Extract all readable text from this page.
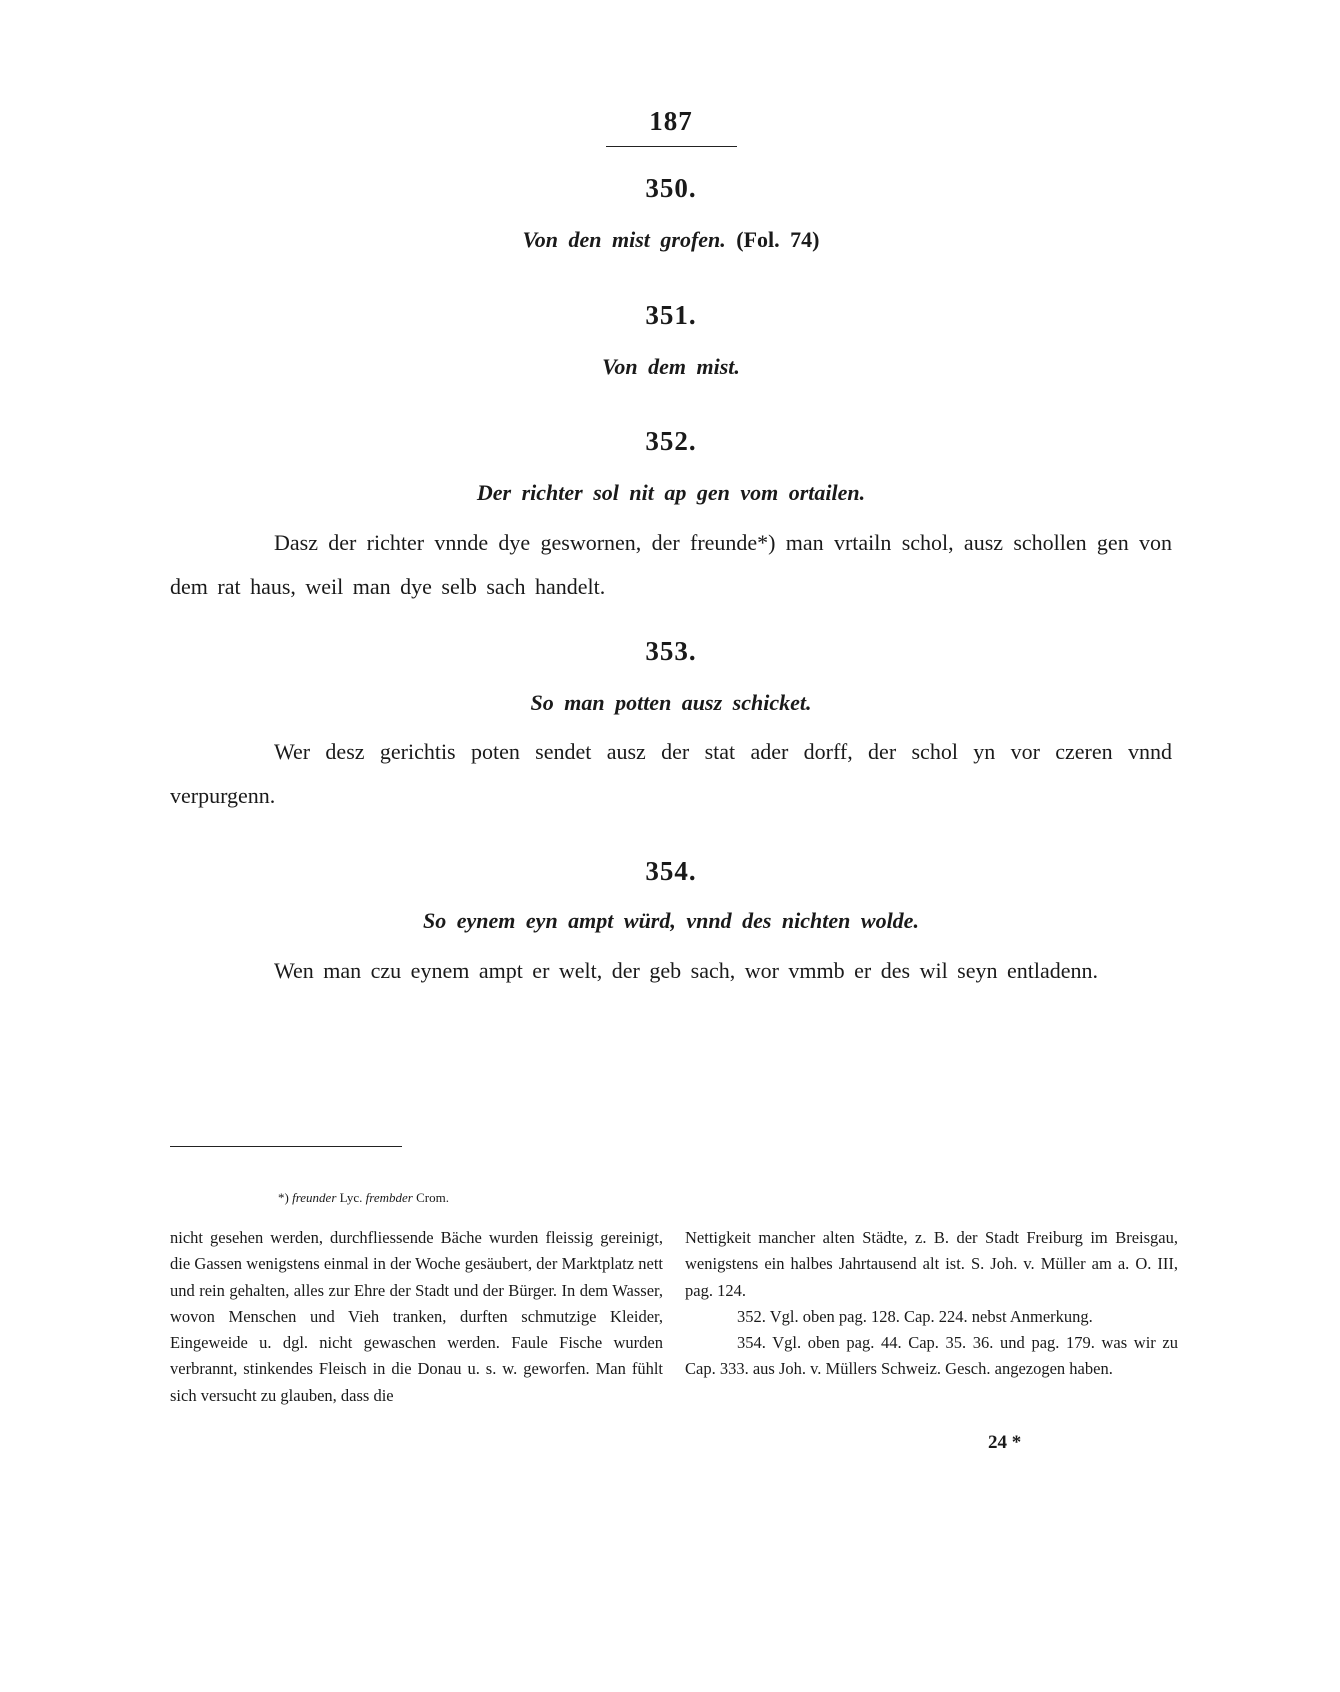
187
350.
Von den mist grofen. (Fol. 74)
351.
Von dem mist.
352.
Der richter sol nit ap gen vom ortailen.

Dasz der richter vnnde dye geswornen, der freunde*) man vrtailn schol, ausz schollen gen von dem rat haus, weil man dye selb sach handelt.

353.
So man potten ausz schicket.

Wer desz gerichtis poten sendet ausz der stat ader dorff, der schol yn vor czeren vnnd verpurgenn.

354.
So eynem eyn ampt würd, vnnd des nichten wolde.

Wen man czu eynem ampt er welt, der geb sach, wor vmmb er des wil seyn entladenn.

*) freunder Lyc. frembder Crom.

nicht gesehen werden, durchfliessende Bäche wurden fleissig gereinigt, die Gassen wenigstens einmal in der Woche gesäubert, der Marktplatz nett und rein gehalten, alles zur Ehre der Stadt und der Bürger. In dem Wasser, wovon Menschen und Vieh tranken, durften schmutzige Kleider, Eingeweide u. dgl. nicht gewaschen werden. Faule Fische wurden verbrannt, stinkendes Fleisch in die Donau u. s. w. geworfen. Man fühlt sich versucht zu glauben, dass die

Nettigkeit mancher alten Städte, z. B. der Stadt Freiburg im Breisgau, wenigstens ein halbes Jahrtausend alt ist. S. Joh. v. Müller am a. O. III, pag. 124.

352. Vgl. oben pag. 128. Cap. 224. nebst Anmerkung.

354. Vgl. oben pag. 44. Cap. 35. 36. und pag. 179. was wir zu Cap. 333. aus Joh. v. Müllers Schweiz. Gesch. angezogen haben.

24 *
